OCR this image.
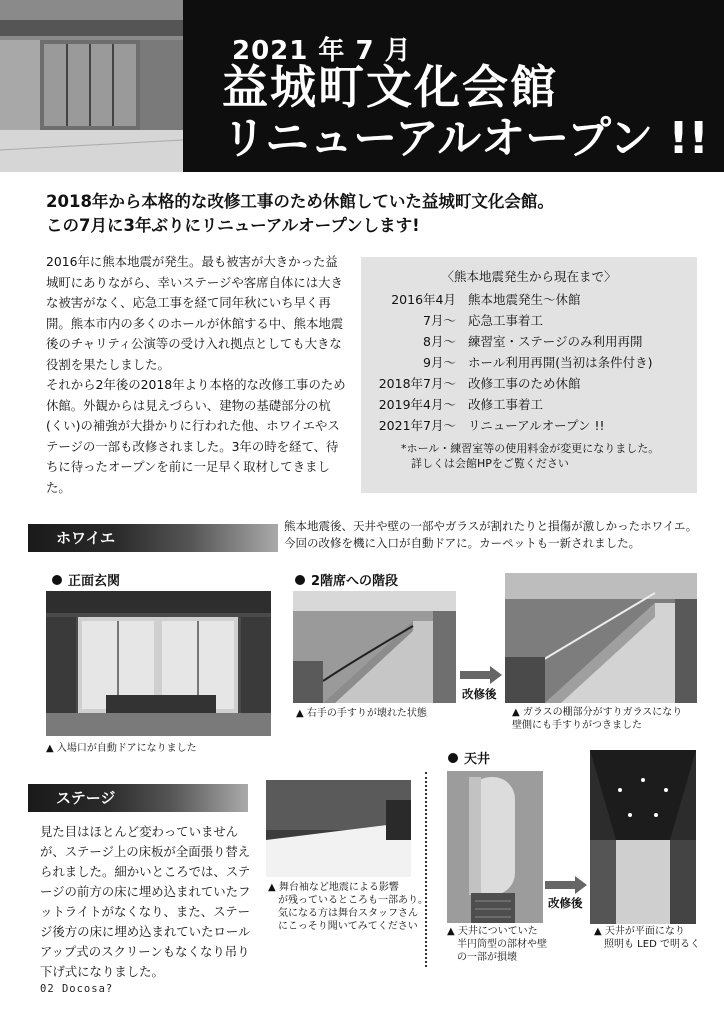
2021 年 7 月
益城町文化会館
リニューアルオープン !!
2018年から本格的な改修工事のため休館していた益城町文化会館。
この7月に3年ぶりにリニューアルオープンします!

2016年に熊本地震が発生。最も被害が大きかった益城町にありながら、幸いステージや客席自体には大きな被害がなく、応急工事を経て同年秋にいち早く再開。熊本市内の多くのホールが休館する中、熊本地震後のチャリティ公演等の受け入れ拠点としても大きな役割を果たしました。

それから2年後の2018年より本格的な改修工事のため休館。外観からは見えづらい、建物の基礎部分の杭(くい)の補強が大掛かりに行われた他、ホワイエやステージの一部も改修されました。3年の時を経て、待ちに待ったオープンを前に一足早く取材してきました。

〈熊本地震発生から現在まで〉
2016年4月 熊本地震発生〜休館
7月〜 応急工事着工
8月〜 練習室・ステージのみ利用再開
9月〜 ホール利用再開(当初は条件付き)
2018年7月〜 改修工事のため休館
2019年4月〜 改修工事着工
2021年7月〜 リニューアルオープン !!
*ホール・練習室等の使用料金が変更になりました。
詳しくは会館HPをご覧ください
ホワイエ
熊本地震後、天井や壁の一部やガラスが割れたりと損傷が激しかったホワイエ。
今回の改修を機に入口が自動ドアに。カーペットも一新されました。
正面玄関
▲ 入場口が自動ドアになりました
2階席への階段
▲ 右手の手すりが壊れた状態
改修後
▲ ガラスの棚部分がすりガラスになり
壁側にも手すりがつきました
ステージ
見た目はほとんど変わっていませんが、ステージ上の床板が全面張り替えられました。細かいところでは、ステージの前方の床に埋め込まれていたフットライトがなくなり、また、ステージ後方の床に埋め込まれていたロールアップ式のスクリーンもなくなり吊り下げ式になりました。
▲ 舞台袖など地震による影響
が残っているところも一部あり。
気になる方は舞台スタッフさん
にこっそり聞いてみてください
天井
▲ 天井についていた
半円筒型の部材や壁
の一部が損壊
改修後
▲ 天井が平面になり
照明も LED で明るく
02 Docosa?
